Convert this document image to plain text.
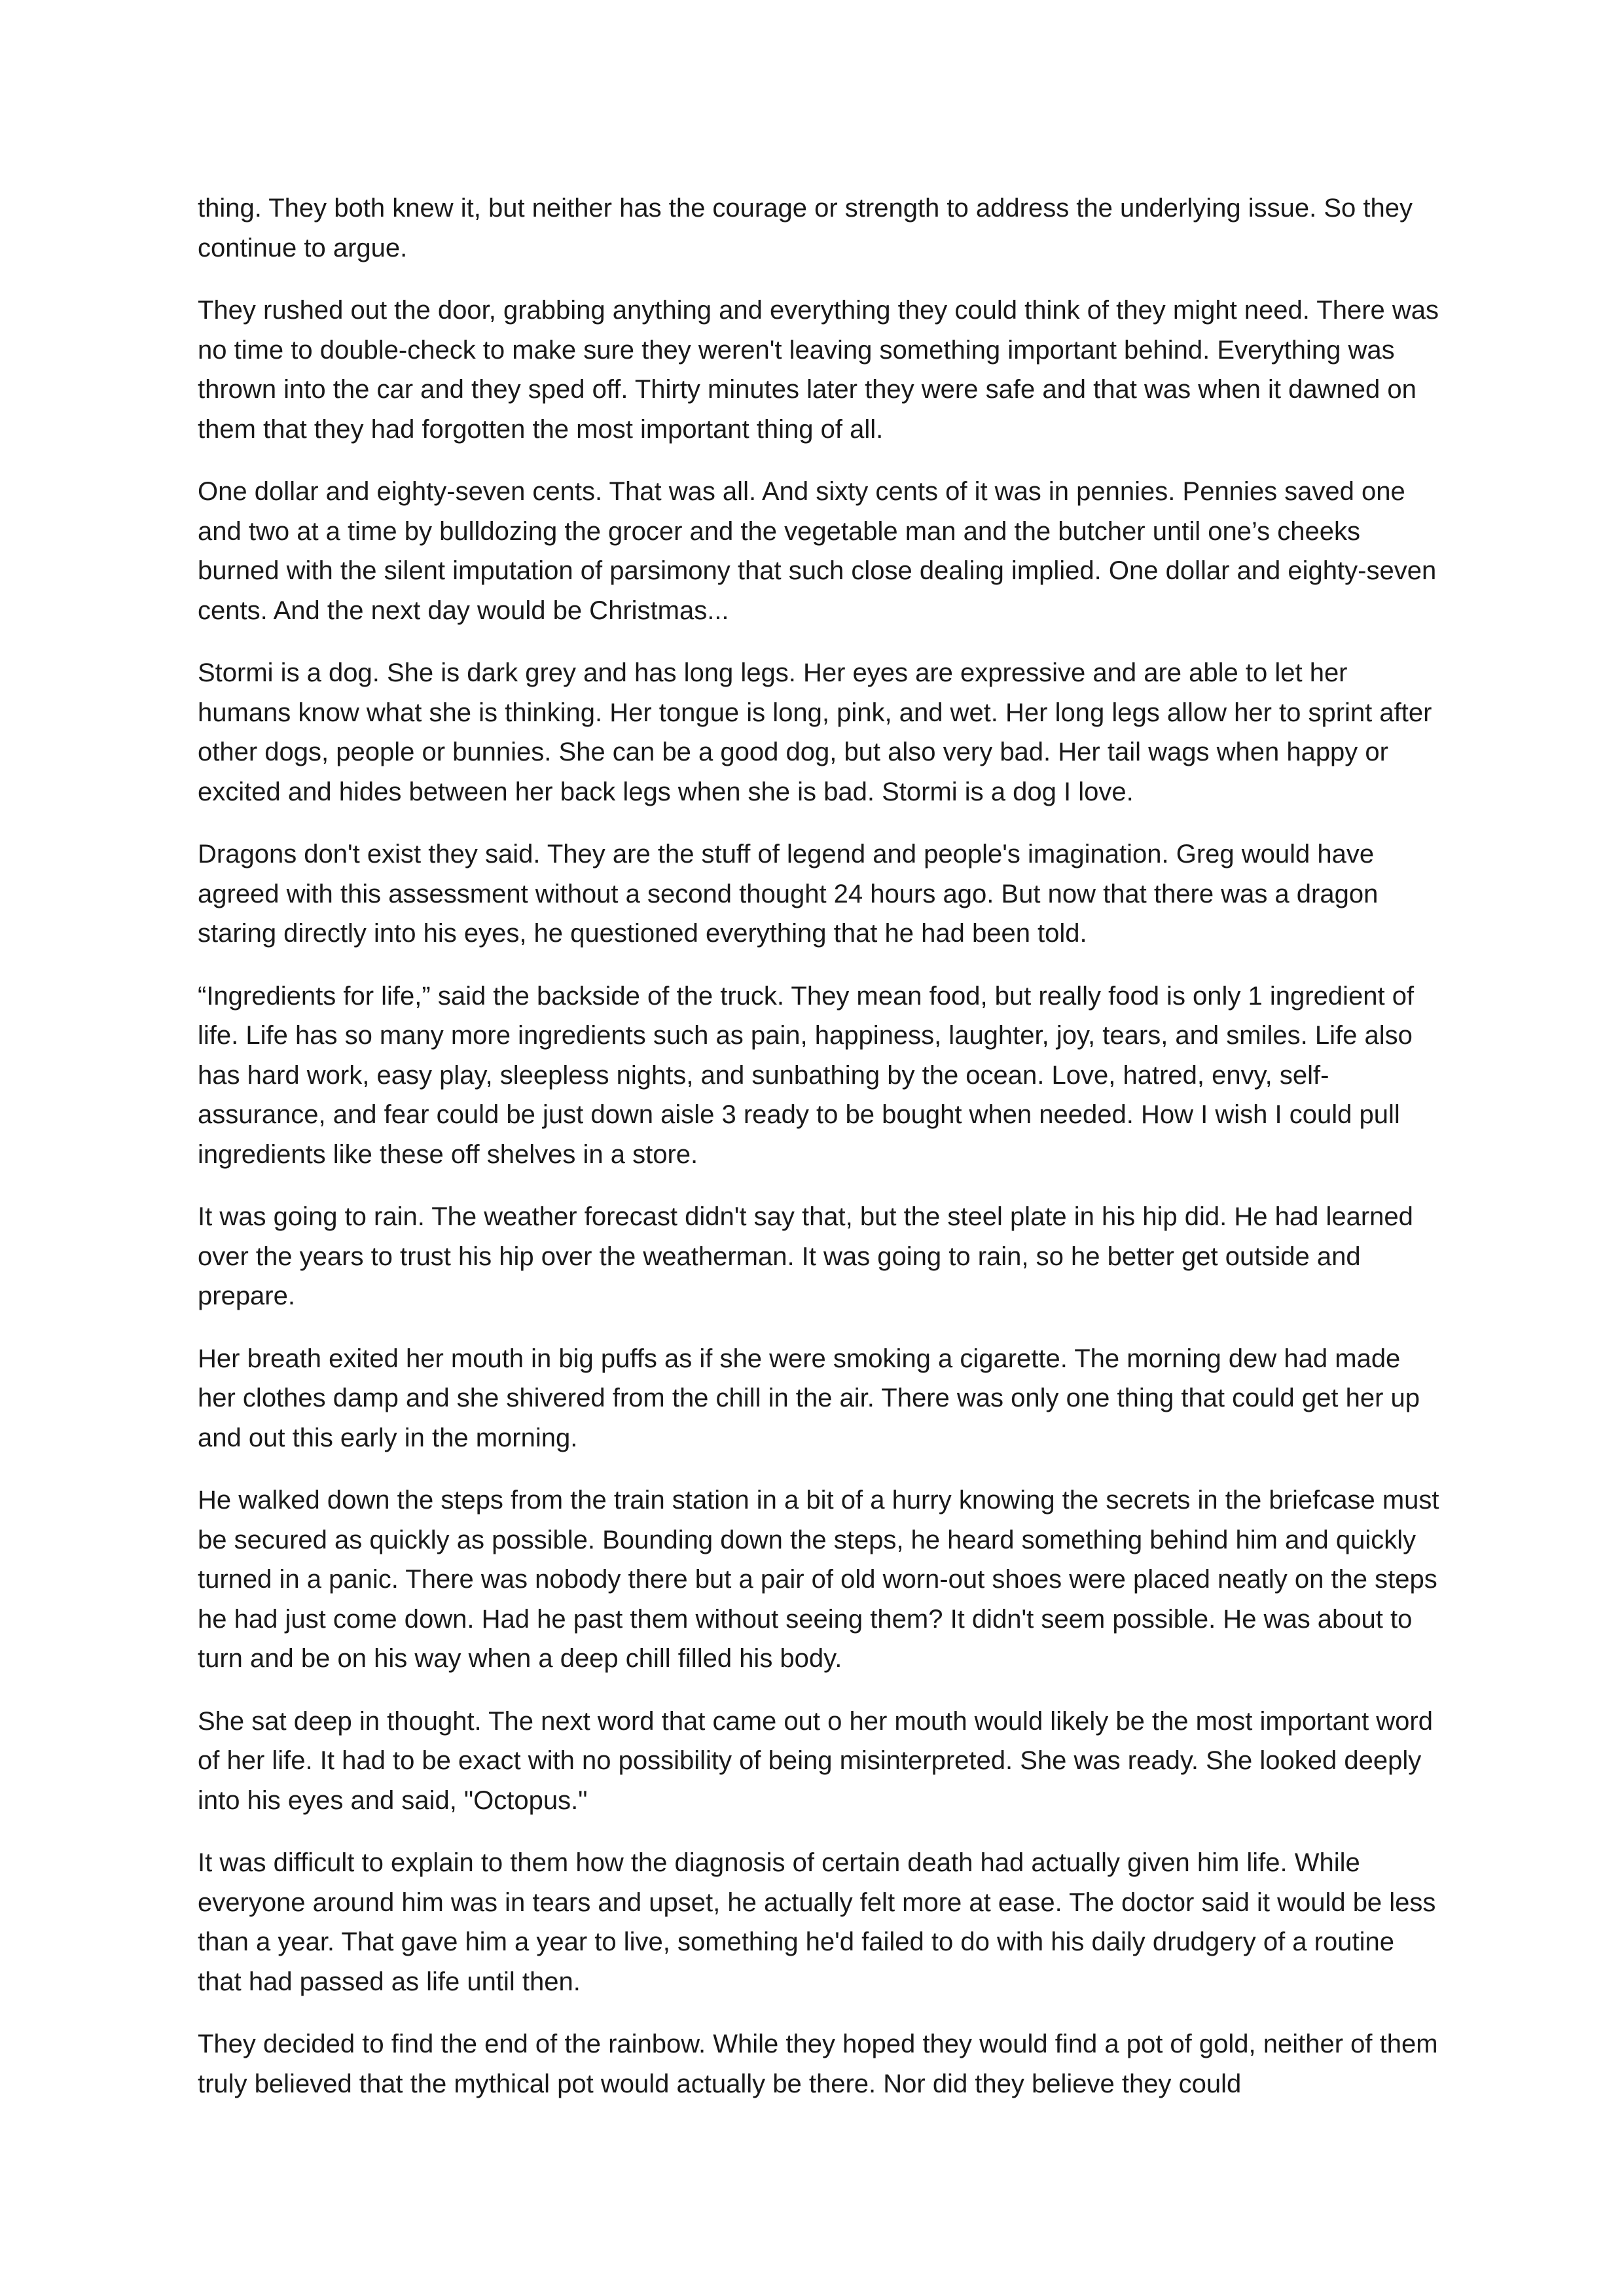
thing. They both knew it, but neither has the courage or strength to address the underlying issue. So they continue to argue.

They rushed out the door, grabbing anything and everything they could think of they might need. There was no time to double-check to make sure they weren't leaving something important behind. Everything was thrown into the car and they sped off. Thirty minutes later they were safe and that was when it dawned on them that they had forgotten the most important thing of all.

One dollar and eighty-seven cents. That was all. And sixty cents of it was in pennies. Pennies saved one and two at a time by bulldozing the grocer and the vegetable man and the butcher until one’s cheeks burned with the silent imputation of parsimony that such close dealing implied. One dollar and eighty-seven cents. And the next day would be Christmas...

Stormi is a dog. She is dark grey and has long legs. Her eyes are expressive and are able to let her humans know what she is thinking. Her tongue is long, pink, and wet. Her long legs allow her to sprint after other dogs, people or bunnies. She can be a good dog, but also very bad. Her tail wags when happy or excited and hides between her back legs when she is bad. Stormi is a dog I love.

Dragons don't exist they said. They are the stuff of legend and people's imagination. Greg would have agreed with this assessment without a second thought 24 hours ago. But now that there was a dragon staring directly into his eyes, he questioned everything that he had been told.

“Ingredients for life,” said the backside of the truck. They mean food, but really food is only 1 ingredient of life. Life has so many more ingredients such as pain, happiness, laughter, joy, tears, and smiles. Life also has hard work, easy play, sleepless nights, and sunbathing by the ocean. Love, hatred, envy, self-assurance, and fear could be just down aisle 3 ready to be bought when needed. How I wish I could pull ingredients like these off shelves in a store.

It was going to rain. The weather forecast didn't say that, but the steel plate in his hip did. He had learned over the years to trust his hip over the weatherman. It was going to rain, so he better get outside and prepare.

Her breath exited her mouth in big puffs as if she were smoking a cigarette. The morning dew had made her clothes damp and she shivered from the chill in the air. There was only one thing that could get her up and out this early in the morning.

He walked down the steps from the train station in a bit of a hurry knowing the secrets in the briefcase must be secured as quickly as possible. Bounding down the steps, he heard something behind him and quickly turned in a panic. There was nobody there but a pair of old worn-out shoes were placed neatly on the steps he had just come down. Had he past them without seeing them? It didn't seem possible. He was about to turn and be on his way when a deep chill filled his body.

She sat deep in thought. The next word that came out o her mouth would likely be the most important word of her life. It had to be exact with no possibility of being misinterpreted. She was ready. She looked deeply into his eyes and said, "Octopus."

It was difficult to explain to them how the diagnosis of certain death had actually given him life. While everyone around him was in tears and upset, he actually felt more at ease. The doctor said it would be less than a year. That gave him a year to live, something he'd failed to do with his daily drudgery of a routine that had passed as life until then.

They decided to find the end of the rainbow. While they hoped they would find a pot of gold, neither of them truly believed that the mythical pot would actually be there. Nor did they believe they could
